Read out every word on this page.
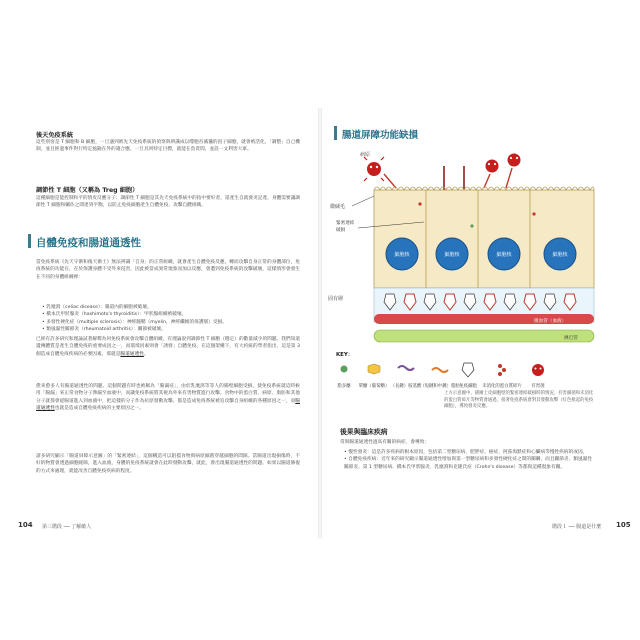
後天免疫系統

這些別客是 T 細胞和 B 細胞，一旦遇到被先天免疫系統的偵察與辨識成以噬胞吞滅獵的因子細胞，就會被活化，「調整」自己機制，並且經過事件對行特定風險在外的適合應。一旦具到特定目標，就能在負責間，並設一文利害大軍。

調節性 T 細胞（又稱為 Treg 細胞）

這種細胞是能控制和平的情皮反應分子；調節性 T 細胞是其先天免疫系統中的指中要好者，還產生自就發炎記產，身體需要讓調節性 T 細胞和輔佐之間達到平衡，以防止免疫細胞產生自體免疫、攻擊自體組織。

自體免疫和腸道通透性

當免疫系統《先天守衛和後天衛士》無法辨識「自身」的正常組織，就會產生自體免疫反應，轉而攻擊自身正常的身體部位，免疫系統的功能在，在於保護身體不受外來侵害，因此被當成異常現象而加以反應，會遭到免疫系統的攻擊破壞，這樣情形會發生在不同的身體組織裡：

• 乳糜瀉（celiac disease）：腸道內的細胞被破壞。
• 橋本氏甲狀腺炎（hashimoto's thyroiditis）：甲狀腺組織被破壞。
• 多發性硬化症（multiple sclerosis）：神經髓鞘（myelin，神經纖維的保護層）受損。
• 類風濕性關節炎（rheumatoid arthritis）：關節被破壞。

已經有許多研究和理論試著解釋為何免疫系統會攻擊自體組織，有理論說到調節性 T 細胞（穩定）的數量減少的問題。我們知道遺傳體質是產生自體免疫的重要成因之一，而環境因素則會「誘發」自體免疫，在這個架構下，有大約統的學者指出，這是第 3 個造成自體免疫疾病的必要因素，那就是腸道通透性。

愈來愈多人有腸道通透性的問題，這個問題有時也被稱為「腸漏症」，由於乳糜瀉等等人的腸壁細胞受損，使免疫系統就這時候用「腸漏」來正常食物分子滲漏至血液中，而讓免疫系統將其視為外來有害物質進行攻擊。食物中的蛋白質、病原、脂肪和其他分子就都會從腸道進入到血液中，把這樣的分子作為抗原發動攻擊，都是造成免疫系統被迫攻擊自身組織的各種原因之一，而腸道通透性也就是造成自體免疫疾病的主要原因之一。

諸多研究顯示「腸道屏障示意圖」的「緊密連結」，這個構造可以阻擋食物與病原細菌穿越細胞的間隙。當腸道出現損傷時，不好的物質會透過細胞縫隙，進入血液，身體的免疫系統就會在此時發動攻擊，就此，會出現腸道通透性的問題。如果以腸道修復的方式來處理，就能改善自體免疫疾病的程度。

104 第三階段 ── 了解敵人
腸道屏障功能缺損
病原
細胞核	細胞核	細胞核	細胞核
微絨毛
緊密連結
破損
固有層
微血管（血液）
淋巴管
KEY：
脂多醣 單醣（葡萄糖） （長鏈）胺基酸
（短鏈和中鏈）脂肪 免疫細胞 未消化的蛋白質碎片 有害菌

上方示意圖中，描繪上皮細胞壁的緊密連結破損時的情況，有害細菌和未消化的蛋白質碎片等物質會通過，接著免疫系統會對其發動攻擊（紅色框起的免疫細胞），導致發炎反應。

後果與臨床疾病

常與腸道通透性過高有關的病症，會導致：

• 慢性發炎：這是許多疾病的根本原因，包括第二型糖尿病、肥胖症、癌症、阿茲海默症和心臟病等慢性疾病的成因。
• 自體免疫疾病：近年來的研究顯示腸道通透性增加與第一型糖尿病和多發性硬化症之間的關聯，而且關節炎、類風濕性關節炎、第 1 型糖尿病、橋本氏甲狀腺炎、乳糜瀉和克隆氏症（Crohn's disease）等都與這種現象有關。
階段１ ── 腸道是什麼 105
